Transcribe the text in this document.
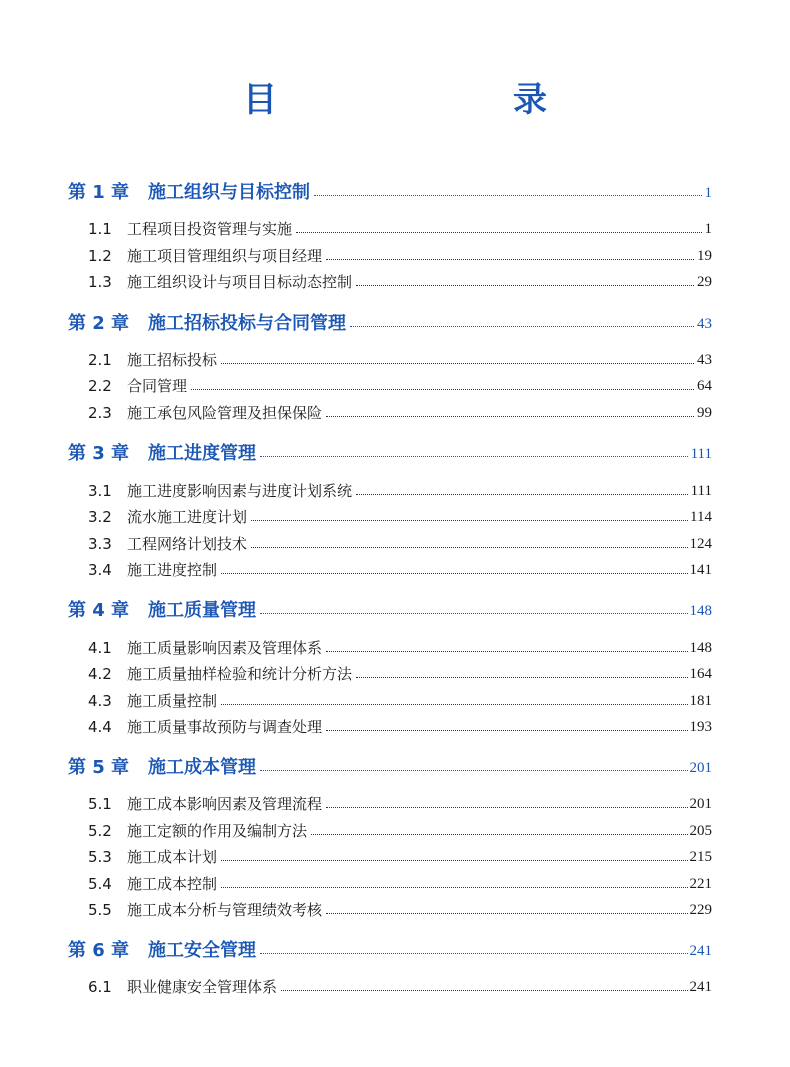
目　　录
第 1 章 施工组织与目标控制	1
1.1 工程项目投资管理与实施	1
1.2 施工项目管理组织与项目经理	19
1.3 施工组织设计与项目目标动态控制	29
第 2 章 施工招标投标与合同管理	43
2.1 施工招标投标	43
2.2 合同管理	64
2.3 施工承包风险管理及担保保险	99
第 3 章 施工进度管理	111
3.1 施工进度影响因素与进度计划系统	111
3.2 流水施工进度计划	114
3.3 工程网络计划技术	124
3.4 施工进度控制	141
第 4 章 施工质量管理	148
4.1 施工质量影响因素及管理体系	148
4.2 施工质量抽样检验和统计分析方法	164
4.3 施工质量控制	181
4.4 施工质量事故预防与调查处理	193
第 5 章 施工成本管理	201
5.1 施工成本影响因素及管理流程	201
5.2 施工定额的作用及编制方法	205
5.3 施工成本计划	215
5.4 施工成本控制	221
5.5 施工成本分析与管理绩效考核	229
第 6 章 施工安全管理	241
6.1 职业健康安全管理体系	241
